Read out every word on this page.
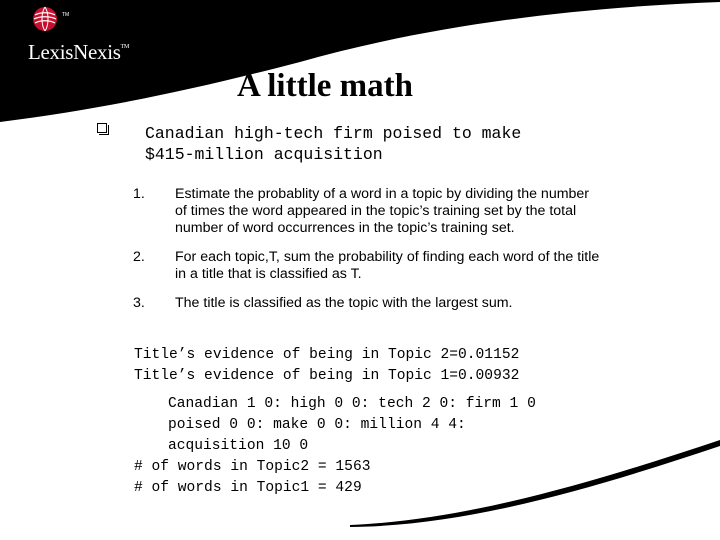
TM
LexisNexis™
A little math
Canadian high-tech firm poised to make
$415-million acquisition
1. Estimate the probablity of a word in a topic by dividing the number of times the word appeared in the topic’s training set by the total number of word occurrences in the topic’s training set.
2. For each topic,T, sum the probability of finding each word of the title in a title that is classified as T.
3. The title is classified as the topic with the largest sum.
Title’s evidence of being in Topic 2=0.01152
Title’s evidence of being in Topic 1=0.00932
Canadian 1 0: high 0 0: tech 2 0: firm 1 0
poised 0 0: make 0 0: million 4 4:
acquisition 10 0
# of words in Topic2 = 1563
# of words in Topic1 = 429
